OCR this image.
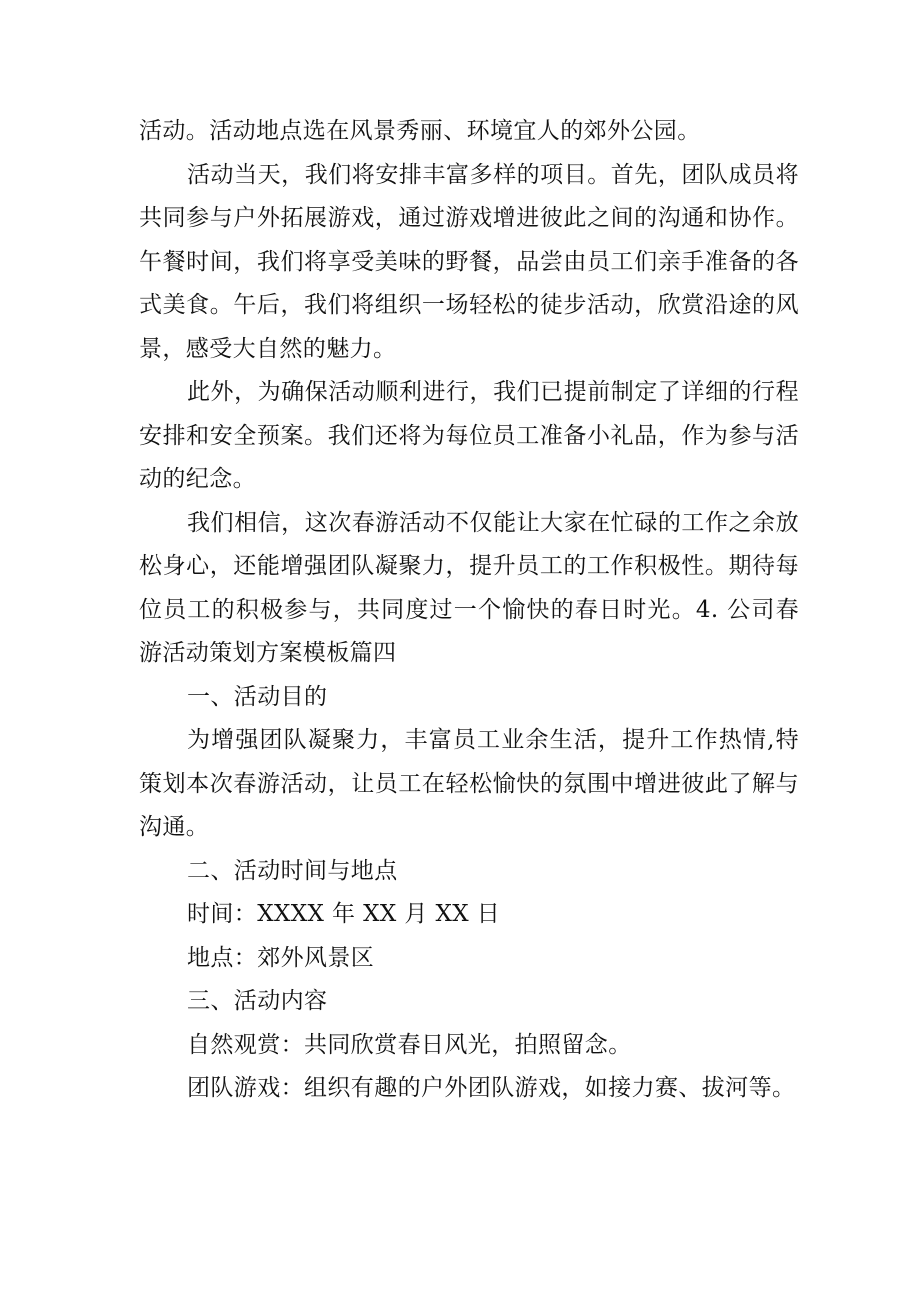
活动。活动地点选在风景秀丽、环境宜人的郊外公园。

活动当天，我们将安排丰富多样的项目。首先，团队成员将共同参与户外拓展游戏，通过游戏增进彼此之间的沟通和协作。午餐时间，我们将享受美味的野餐，品尝由员工们亲手准备的各式美食。午后，我们将组织一场轻松的徒步活动，欣赏沿途的风景，感受大自然的魅力。

此外，为确保活动顺利进行，我们已提前制定了详细的行程安排和安全预案。我们还将为每位员工准备小礼品，作为参与活动的纪念。

我们相信，这次春游活动不仅能让大家在忙碌的工作之余放松身心，还能增强团队凝聚力，提升员工的工作积极性。期待每位员工的积极参与，共同度过一个愉快的春日时光。4. 公司春游活动策划方案模板篇四

一、活动目的

为增强团队凝聚力，丰富员工业余生活，提升工作热情,特策划本次春游活动，让员工在轻松愉快的氛围中增进彼此了解与沟通。

二、活动时间与地点

时间：XXXX 年 XX 月 XX 日

地点：郊外风景区

三、活动内容

自然观赏：共同欣赏春日风光，拍照留念。

团队游戏：组织有趣的户外团队游戏，如接力赛、拔河等。
